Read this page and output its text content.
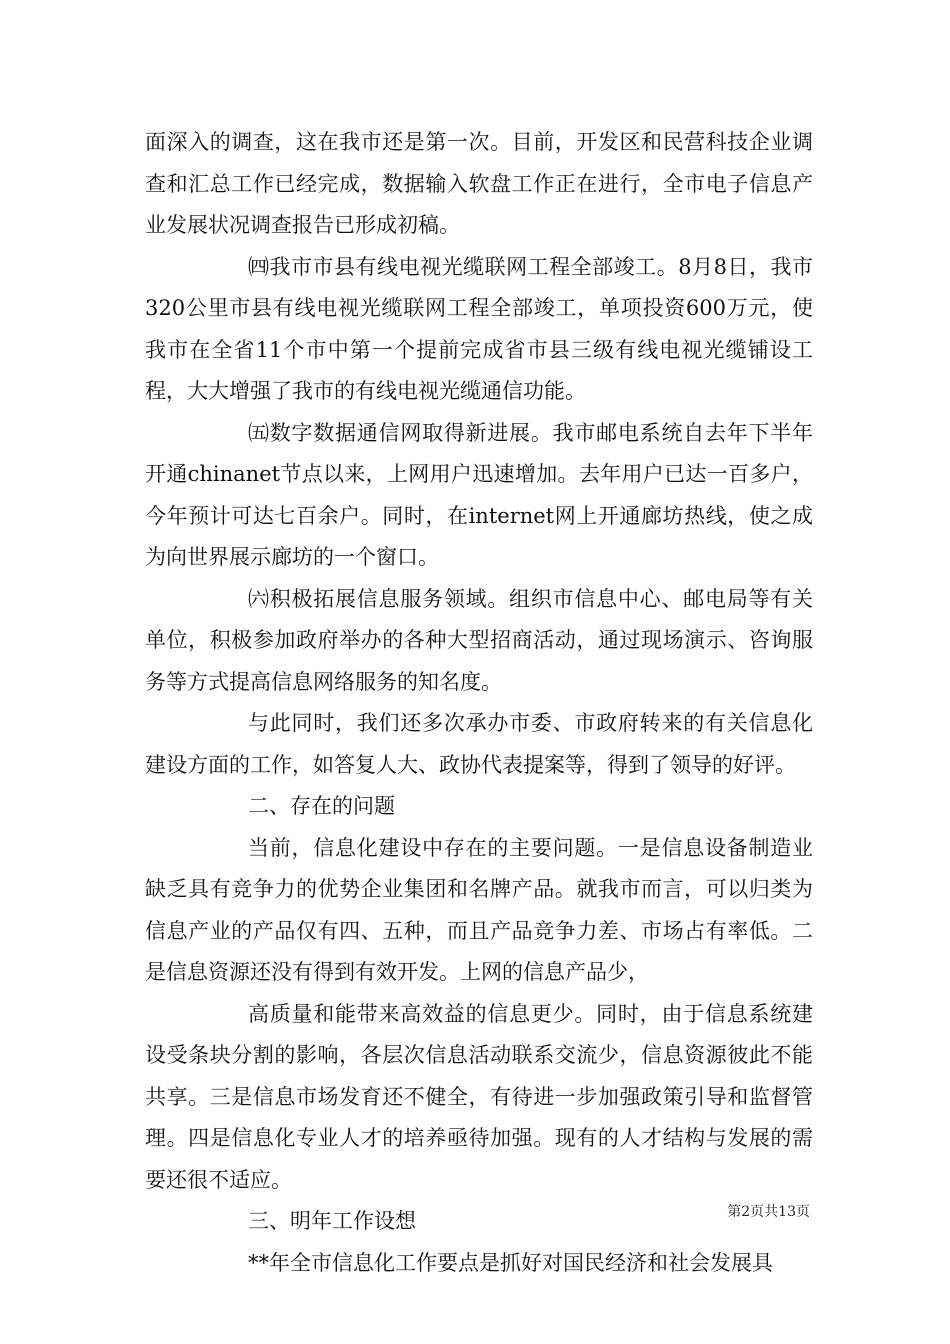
面深入的调查，这在我市还是第一次。目前，开发区和民营科技企业调查和汇总工作已经完成，数据输入软盘工作正在进行，全市电子信息产业发展状况调查报告已形成初稿。

㈣我市市县有线电视光缆联网工程全部竣工。8月8日，我市320公里市县有线电视光缆联网工程全部竣工，单项投资600万元，使我市在全省11个市中第一个提前完成省市县三级有线电视光缆铺设工程，大大增强了我市的有线电视光缆通信功能。

㈤数字数据通信网取得新进展。我市邮电系统自去年下半年开通chinanet节点以来，上网用户迅速增加。去年用户已达一百多户，今年预计可达七百余户。同时，在internet网上开通廊坊热线，使之成为向世界展示廊坊的一个窗口。

㈥积极拓展信息服务领域。组织市信息中心、邮电局等有关单位，积极参加政府举办的各种大型招商活动，通过现场演示、咨询服务等方式提高信息网络服务的知名度。

与此同时，我们还多次承办市委、市政府转来的有关信息化建设方面的工作，如答复人大、政协代表提案等，得到了领导的好评。

二、存在的问题

当前，信息化建设中存在的主要问题。一是信息设备制造业缺乏具有竞争力的优势企业集团和名牌产品。就我市而言，可以归类为信息产业的产品仅有四、五种，而且产品竞争力差、市场占有率低。二是信息资源还没有得到有效开发。上网的信息产品少，

高质量和能带来高效益的信息更少。同时，由于信息系统建设受条块分割的影响，各层次信息活动联系交流少，信息资源彼此不能共享。三是信息市场发育还不健全，有待进一步加强政策引导和监督管理。四是信息化专业人才的培养亟待加强。现有的人才结构与发展的需要还很不适应。

三、明年工作设想

**年全市信息化工作要点是抓好对国民经济和社会发展具

第2页共13页
